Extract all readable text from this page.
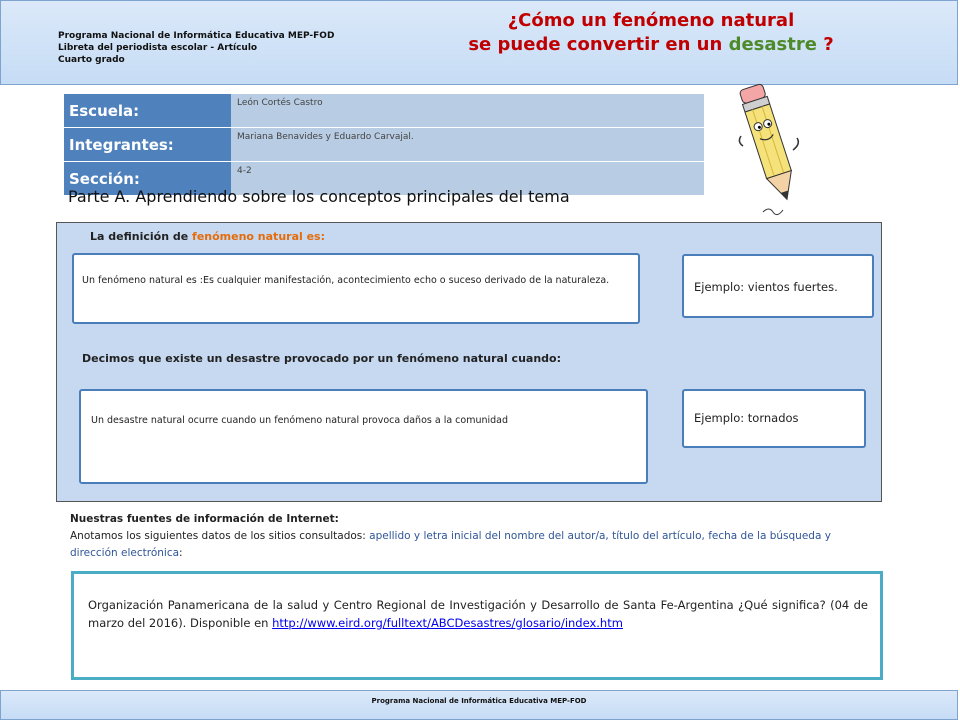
Programa Nacional de Informática Educativa MEP-FOD
Libreta del periodista escolar - Artículo
Cuarto grado
¿Cómo un fenómeno natural
se puede convertir en un desastre ?
Escuela:	León Cortés Castro
Integrantes:	Mariana Benavides y Eduardo Carvajal.
Sección:	4-2
Parte A. Aprendiendo sobre los conceptos principales del tema
La definición de fenómeno natural es:
Un fenómeno natural es :Es cualquier manifestación, acontecimiento echo o suceso derivado de la naturaleza.	Ejemplo: vientos fuertes.
Decimos que existe un desastre provocado por un fenómeno natural cuando:
Un desastre natural ocurre cuando un fenómeno natural provoca daños a la comunidad	Ejemplo: tornados
Nuestras fuentes de información de Internet:
Anotamos los siguientes datos de los sitios consultados: apellido y letra inicial del nombre del autor/a, título del artículo, fecha de la búsqueda y dirección electrónica:
Organización Panamericana de la salud y Centro Regional de Investigación y Desarrollo de Santa Fe-Argentina ¿Qué significa? (04 de marzo del 2016). Disponible en http://www.eird.org/fulltext/ABCDesastres/glosario/index.htm
Programa Nacional de Informática Educativa MEP-FOD
